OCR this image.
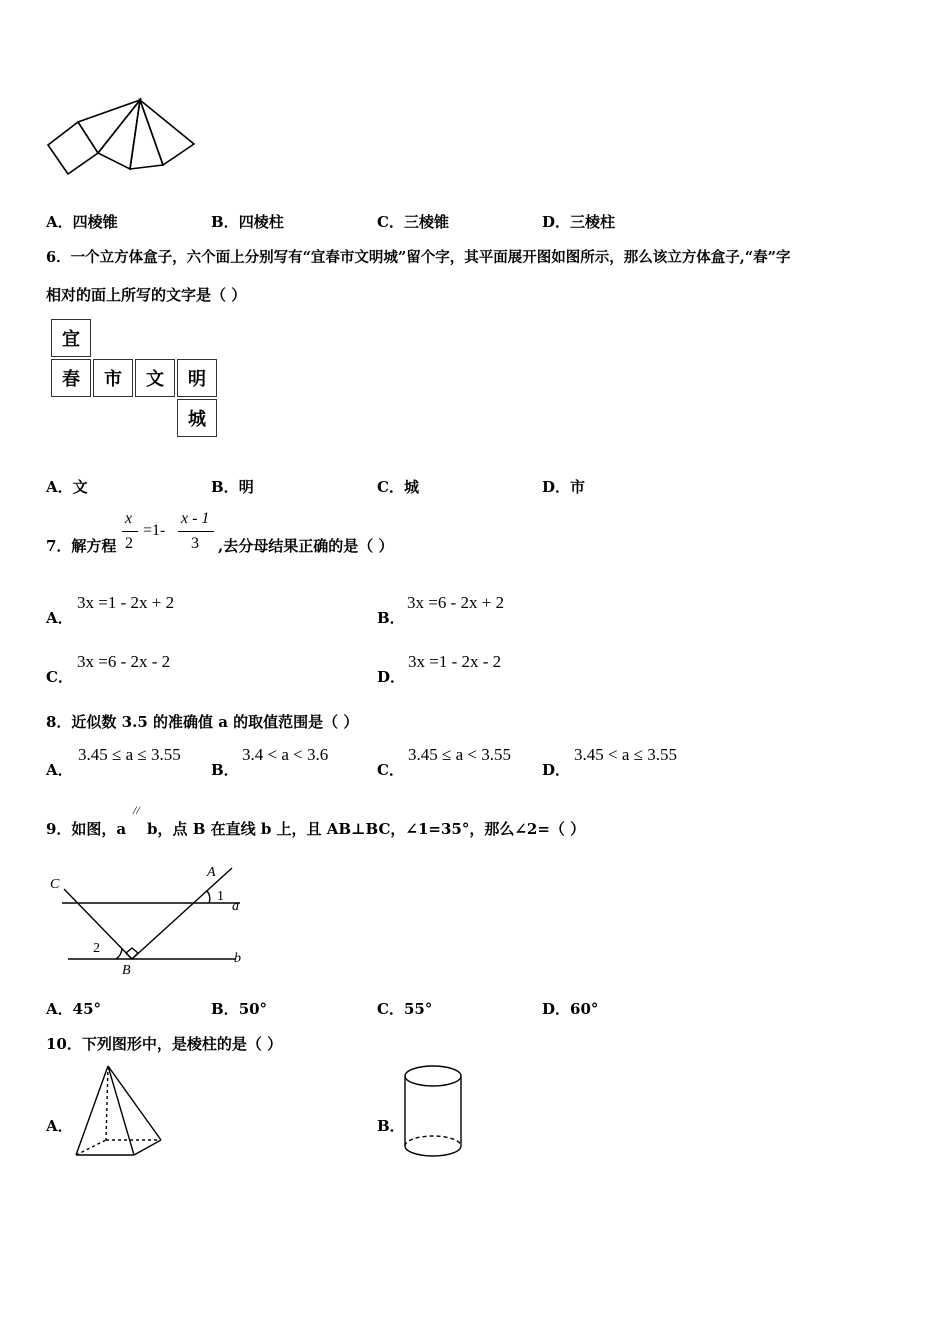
A．四棱锥	B．四棱柱	C．三棱锥	D．三棱柱
6．一个立方体盒子，六个面上分别写有“宜春市文明城”留个字，其平面展开图如图所示，那么该立方体盒子,“春”字
相对的面上所写的文字是（ ）
宜
春	市	文	明
城
A．文	B．明	C．城	D．市
7．解方程
x
2
=1-
x - 1
3 ,去分母结果正确的是（ ）
A．
3x =1 - 2x + 2
B．
3x =6 - 2x + 2
C．
3x =6 - 2x - 2
D．
3x =1 - 2x - 2
8．近似数 3.5 的准确值 a 的取值范围是（ ）
A．
3.45 ≤ a ≤ 3.55
B．
3.4 < a < 3.6
C．
3.45 ≤ a < 3.55
D．
3.45 < a ≤ 3.55
9．如图，a
//
b，点 B 在直线 b 上，且 AB⊥BC，∠1=35°，那么∠2=（ ）
C
A
1
a
2
B
b
A．45°	B．50°	C．55°	D．60°
10．下列图形中，是棱柱的是（ ）
A．	B．
